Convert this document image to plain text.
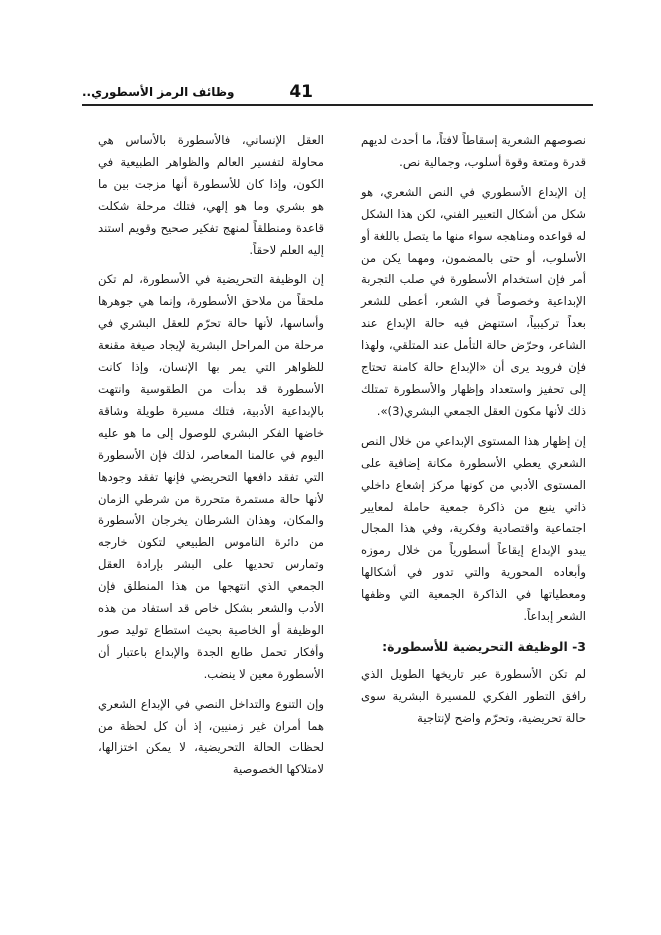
41
وظائف الرمز الأسطوري..

نصوصهم الشعرية إسقاطاً لافتاً، ما أحدث لديهم قدرة ومتعة وقوة أسلوب، وجمالية نص.

إن الإبداع الأسطوري في النص الشعري، هو شكل من أشكال التعبير الفني، لكن هذا الشكل له قواعده ومناهجه سواء منها ما يتصل باللغة أو الأسلوب، أو حتى بالمضمون، ومهما يكن من أمر فإن استخدام الأسطورة في صلب التجربة الإبداعية وخصوصاً في الشعر، أعطى للشعر بعداً تركيبياً، استنهض فيه حالة الإبداع عند الشاعر، وحرّض حالة التأمل عند المتلقي، ولهذا فإن فرويد يرى أن «الإبداع حالة كامنة تحتاج إلى تحفيز واستعداد وإظهار والأسطورة تمتلك ذلك لأنها مكون العقل الجمعي البشري(3)».

إن إظهار هذا المستوى الإبداعي من خلال النص الشعري يعطي الأسطورة مكانة إضافية على المستوى الأدبي من كونها مركز إشعاع داخلي ذاتي ينبع من ذاكرة جمعية حاملة لمعايير اجتماعية واقتصادية وفكرية، وفي هذا المجال يبدو الإبداع إيقاعاً أسطورياً من خلال رموزه وأبعاده المحورية والتي تدور في أشكالها ومعطياتها في الذاكرة الجمعية التي وظفها الشعر إبداعاً.

3- الوظيفة التحريضية للأسطورة:

لم تكن الأسطورة عبر تاريخها الطويل الذي رافق التطور الفكري للمسيرة البشرية سوى حالة تحريضية، وتحرّم واضح لإنتاجية

العقل الإنساني، فالأسطورة بالأساس هي محاولة لتفسير العالم والظواهر الطبيعية في الكون، وإذا كان للأسطورة أنها مزجت بين ما هو بشري وما هو إلهي، فتلك مرحلة شكلت قاعدة ومنطلقاً لمنهج تفكير صحيح وقويم استند إليه العلم لاحقاً.

إن الوظيفة التحريضية في الأسطورة، لم تكن ملحقاً من ملاحق الأسطورة، وإنما هي جوهرها وأساسها، لأنها حالة تحرّم للعقل البشري في مرحلة من المراحل البشرية لإيجاد صيغة مقنعة للظواهر التي يمر بها الإنسان، وإذا كانت الأسطورة قد بدأت من الطقوسية وانتهت بالإبداعية الأدبية، فتلك مسيرة طويلة وشاقة خاضها الفكر البشري للوصول إلى ما هو عليه اليوم في عالمنا المعاصر، لذلك فإن الأسطورة التي تفقد دافعها التحريضي فإنها تفقد وجودها لأنها حالة مستمرة متحررة من شرطي الزمان والمكان، وهذان الشرطان يخرجان الأسطورة من دائرة الناموس الطبيعي لتكون خارجه وتمارس تحديها على البشر بإرادة العقل الجمعي الذي انتهجها من هذا المنطلق فإن الأدب والشعر بشكل خاص قد استفاد من هذه الوظيفة أو الخاصية بحيث استطاع توليد صور وأفكار تحمل طابع الجدة والإبداع باعتبار أن الأسطورة معين لا ينضب.

وإن التنوع والتداخل النصي في الإبداع الشعري هما أمران غير زمنيين، إذ أن كل لحظة من لحظات الحالة التحريضية، لا يمكن اختزالها، لامتلاكها الخصوصية
